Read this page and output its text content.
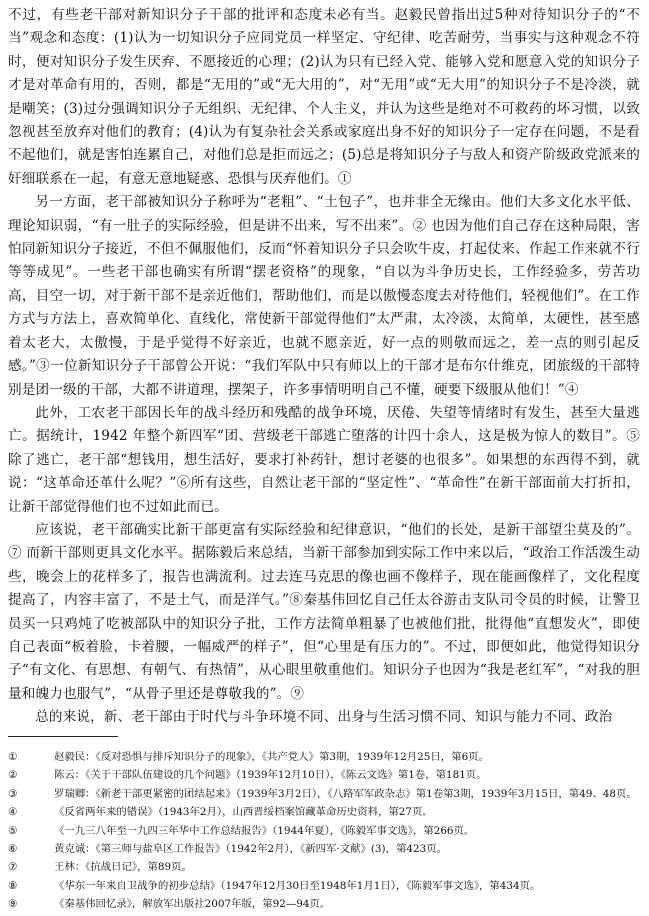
不过，有些老干部对新知识分子干部的批评和态度未必有当。赵毅民曾指出过5种对待知识分子的“不当”观念和态度：(1)认为一切知识分子应同党员一样坚定、守纪律、吃苦耐劳，当事实与这种观念不符时，便对知识分子发生厌弃、不愿接近的心理；(2)认为只有已经入党、能够入党和愿意入党的知识分子才是对革命有用的，否则，都是“无用的”或“无大用的”，对“无用”或“无大用”的知识分子不是冷淡，就是嘲笑；(3)过分强调知识分子无组织、无纪律、个人主义，并认为这些是绝对不可救药的坏习惯，以致忽视甚至放弃对他们的教育；(4)认为有复杂社会关系或家庭出身不好的知识分子一定存在问题，不是看不起他们，就是害怕连累自己，对他们总是拒而远之；(5)总是将知识分子与敌人和资产阶级政党派来的奸细联系在一起，有意无意地疑惑、恐惧与厌弃他们。①

另一方面，老干部被知识分子称呼为“老粗”、“土包子”，也并非全无缘由。他们大多文化水平低、理论知识弱，“有一肚子的实际经验，但是讲不出来，写不出来”。② 也因为他们自己存在这种局限，害怕同新知识分子接近，不但不佩服他们，反而“怀着知识分子只会吹牛皮，打起仗来、作起工作来就不行等等成见”。一些老干部也确实有所谓“摆老资格”的现象，“自以为斗争历史长，工作经验多，劳苦功高，目空一切，对于新干部不是亲近他们，帮助他们，而是以傲慢态度去对待他们，轻视他们”。在工作方式与方法上，喜欢简单化、直线化，常使新干部觉得他们“太严肃，太冷淡，太简单，太硬性，甚至感着太老大，太傲慢，于是乎觉得不好亲近，也就不愿亲近，好一点的则敬而远之，差一点的则引起反感。”③一位新知识分子干部曾公开说：“我们军队中只有师以上的干部才是布尔什维克，团旅级的干部特别是团一级的干部，大都不讲道理，摆架子，许多事情明明自己不懂，硬要下级服从他们！”④

此外，工农老干部因长年的战斗经历和残酷的战争环境，厌倦、失望等情绪时有发生，甚至大量逃亡。据统计，1942 年整个新四军“团、营级老干部逃亡堕落的计四十余人，这是极为惊人的数目”。⑤ 除了逃亡，老干部“想钱用，想生活好，要求打补药针，想讨老婆的也很多”。如果想的东西得不到，就说：“这革命还革什么呢？”⑥所有这些，自然让老干部的“坚定性”、“革命性”在新干部面前大打折扣，让新干部觉得他们也不过如此而已。

应该说，老干部确实比新干部更富有实际经验和纪律意识，“他们的长处，是新干部望尘莫及的”。⑦ 而新干部则更具文化水平。据陈毅后来总结，当新干部参加到实际工作中来以后，“政治工作活泼生动些，晚会上的花样多了，报告也满流利。过去连马克思的像也画不像样子，现在能画像样了，文化程度提高了，内容丰富了，不是土气，而是洋气。”⑧秦基伟回忆自己任太谷游击支队司令员的时候，让警卫员买一只鸡炖了吃被部队中的知识分子批，工作方法简单粗暴了也被他们批，批得他“直想发火”，即使自己表面“板着脸，卡着腰，一幅威严的样子”，但“心里是有压力的”。不过，即便如此，他觉得知识分子“有文化、有思想、有朝气、有热情”，从心眼里敬重他们。知识分子也因为“我是老红军”，“对我的胆量和魄力也服气”，“从骨子里还是尊敬我的”。⑨

总的来说，新、老干部由于时代与斗争环境不同、出身与生活习惯不同、知识与能力不同、政治

①	赵毅民：《反对恐惧与排斥知识分子的现象》，《共产党人》第3期，1939年12月25日，第6页。
②	陈云：《关于干部队伍建设的几个问题》（1939年12月10日），《陈云文选》第1卷，第181页。
③	罗瑞卿：《新老干部更紧密的团结起来》（1939年3月2日），《八路军军政杂志》第1卷第3期，1939年3月15日，第49、48页。
④	《反省两年来的错误》（1943年2月），山西晋绥档案馆藏革命历史资料，第27页。
⑤	《一九三八年至一九四三年华中工作总结报告》（1944年夏），《陈毅军事文选》，第266页。
⑥	黄克诚：《第三师与盐阜区工作报告》（1942年2月），《新四军·文献》(3)，第423页。
⑦	王林：《抗战日记》，第89页。
⑧	《华东一年来自卫战争的初步总结》（1947年12月30日至1948年1月1日），《陈毅军事文选》，第434页。
⑨	《秦基伟回忆录》，解放军出版社2007年版，第92—94页。
